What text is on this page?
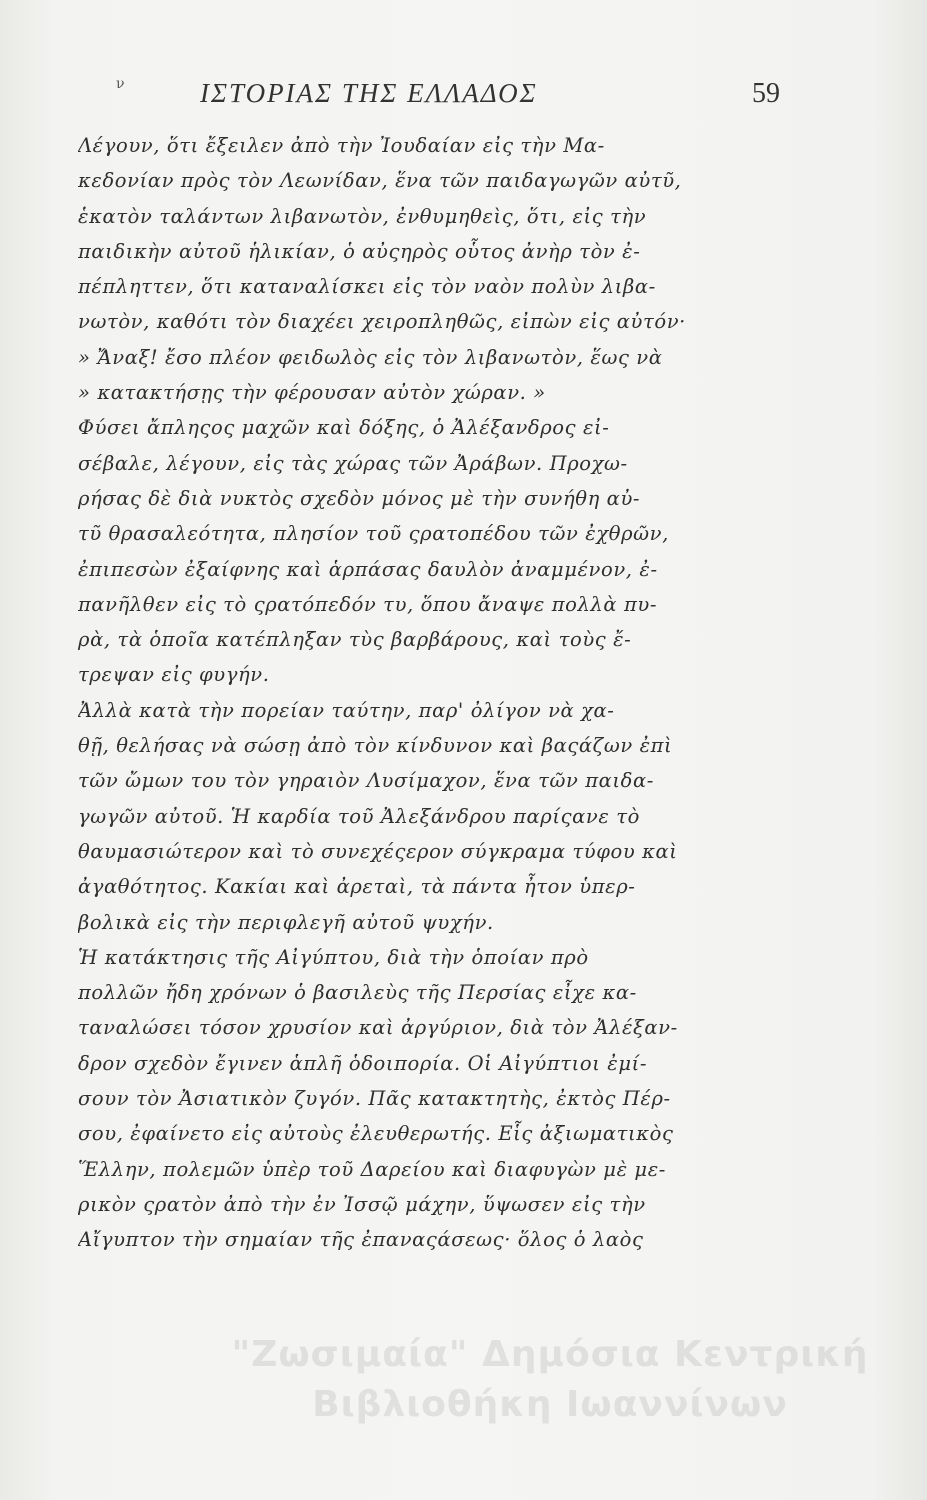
ν	ΙΣΤΟΡΙΑΣ ΤΗΣ ΕΛΛΑΔΟΣ	59
Λέγουν, ὅτι ἔξειλεν ἀπὸ τὴν Ἰουδαίαν εἰς τὴν Μα-
κεδονίαν πρὸς τὸν Λεωνίδαν, ἕνα τῶν παιδαγωγῶν αὐτῦ,
ἑκατὸν ταλάντων λιβανωτὸν, ἐνθυμηθεὶς, ὅτι, εἰς τὴν
παιδικὴν αὐτοῦ ἡλικίαν, ὁ αὐςηρὸς οὗτος ἀνὴρ τὸν ἐ-
πέπληττεν, ὅτι καταναλίσκει εἰς τὸν ναὸν πολὺν λιβα-
νωτὸν, καθότι τὸν διαχέει χειροπληθῶς, εἰπὼν εἰς αὐτόν·
» Ἄναξ! ἔσο πλέον φειδωλὸς εἰς τὸν λιβανωτὸν, ἕως νὰ
» κατακτήσῃς τὴν φέρουσαν αὐτὸν χώραν. »
Φύσει ἄπληςος μαχῶν καὶ δόξης, ὁ Ἀλέξανδρος εἰ-
σέβαλε, λέγουν, εἰς τὰς χώρας τῶν Ἀράβων. Προχω-
ρήσας δὲ διὰ νυκτὸς σχεδὸν μόνος μὲ τὴν συνήθη αὐ-
τῦ θρασαλεότητα, πλησίον τοῦ ςρατοπέδου τῶν ἐχθρῶν,
ἐπιπεσὼν ἐξαίφνης καὶ ἁρπάσας δαυλὸν ἀναμμένον, ἐ-
πανῆλθεν εἰς τὸ ςρατόπεδόν τυ, ὅπου ἄναψε πολλὰ πυ-
ρὰ, τὰ ὁποῖα κατέπληξαν τὺς βαρβάρους, καὶ τοὺς ἔ-
τρεψαν εἰς φυγήν.
Ἀλλὰ κατὰ τὴν πορείαν ταύτην, παρ' ὀλίγον νὰ χα-
θῇ, θελήσας νὰ σώσῃ ἀπὸ τὸν κίνδυνον καὶ βαςάζων ἐπὶ
τῶν ὤμων του τὸν γηραιὸν Λυσίμαχον, ἕνα τῶν παιδα-
γωγῶν αὐτοῦ. Ἡ καρδία τοῦ Ἀλεξάνδρου παρίςανε τὸ
θαυμασιώτερον καὶ τὸ συνεχέςερον σύγκραμα τύφου καὶ
ἀγαθότητος. Κακίαι καὶ ἀρεταὶ, τὰ πάντα ἦτον ὑπερ-
βολικὰ εἰς τὴν περιφλεγῆ αὐτοῦ ψυχήν.
Ἡ κατάκτησις τῆς Αἰγύπτου, διὰ τὴν ὁποίαν πρὸ
πολλῶν ἤδη χρόνων ὁ βασιλεὺς τῆς Περσίας εἶχε κα-
ταναλώσει τόσον χρυσίον καὶ ἀργύριον, διὰ τὸν Ἀλέξαν-
δρον σχεδὸν ἔγινεν ἁπλῆ ὁδοιπορία. Οἱ Αἰγύπτιοι ἐμί-
σουν τὸν Ἀσιατικὸν ζυγόν. Πᾶς κατακτητὴς, ἐκτὸς Πέρ-
σου, ἐφαίνετο εἰς αὐτοὺς ἐλευθερωτής. Εἷς ἀξιωματικὸς
Ἕλλην, πολεμῶν ὑπὲρ τοῦ Δαρείου καὶ διαφυγὼν μὲ με-
ρικὸν ςρατὸν ἀπὸ τὴν ἐν Ἰσσῷ μάχην, ὕψωσεν εἰς τὴν
Αἴγυπτον τὴν σημαίαν τῆς ἐπαναςάσεως· ὅλος ὁ λαὸς
"Ζωσιμαία" Δημόσια Κεντρική
Βιβλιοθήκη Ιωαννίνων
